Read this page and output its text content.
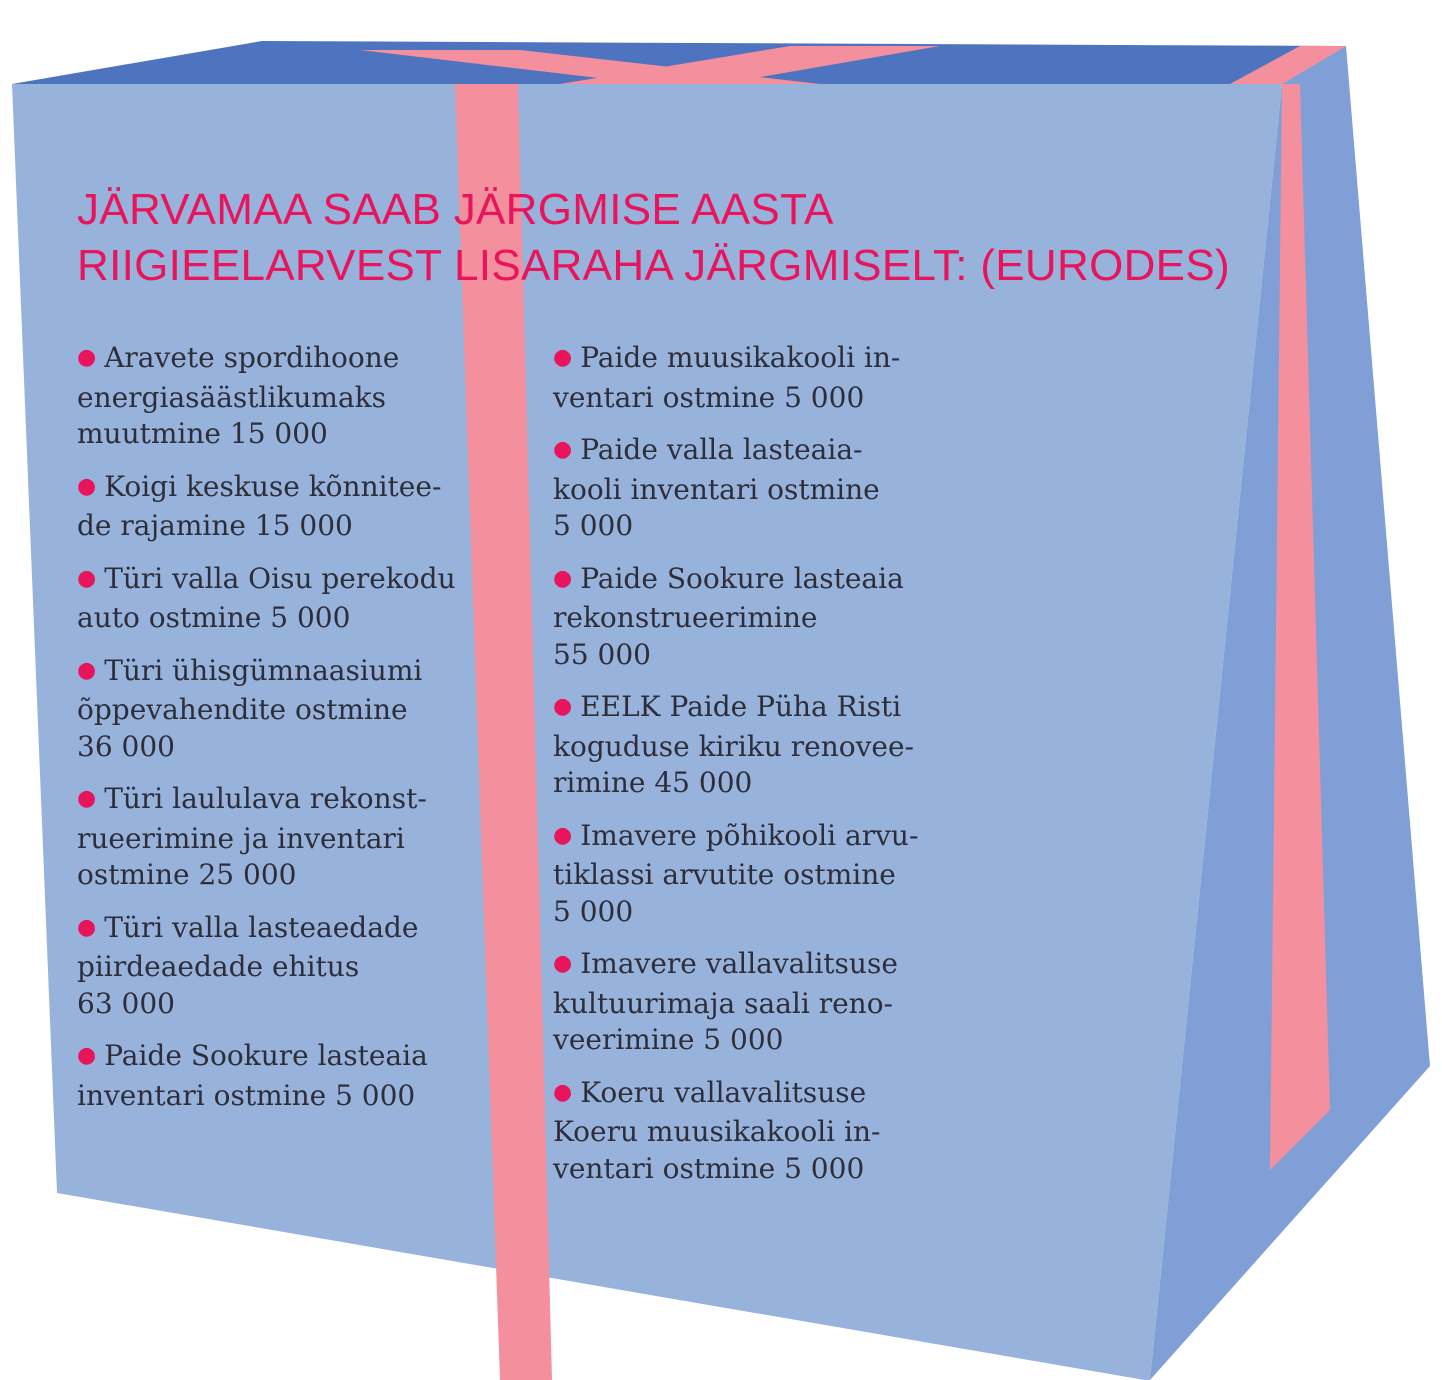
JÄRVAMAA SAAB JÄRGMISE AASTA
RIIGIEELARVEST LISARAHA JÄRGMISELT: (EURODES)
● Aravete spordihoone
energiasäästlikumaks
muutmine 15 000
● Koigi keskuse kõnnitee-
de rajamine 15 000
● Türi valla Oisu perekodu
auto ostmine 5 000
● Türi ühisgümnaasiumi
õppevahendite ostmine
36 000
● Türi laululava rekonst-
rueerimine ja inventari
ostmine 25 000
● Türi valla lasteaedade
piirdeaedade ehitus
63 000
● Paide Sookure lasteaia
inventari ostmine 5 000
● Paide muusikakooli in-
ventari ostmine 5 000
● Paide valla lasteaia-
kooli inventari ostmine
5 000
● Paide Sookure lasteaia
rekonstrueerimine
55 000
● EELK Paide Püha Risti
koguduse kiriku renovee-
rimine 45 000
● Imavere põhikooli arvu-
tiklassi arvutite ostmine
5 000
● Imavere vallavalitsuse
kultuurimaja saali reno-
veerimine 5 000
● Koeru vallavalitsuse
Koeru muusikakooli in-
ventari ostmine 5 000
